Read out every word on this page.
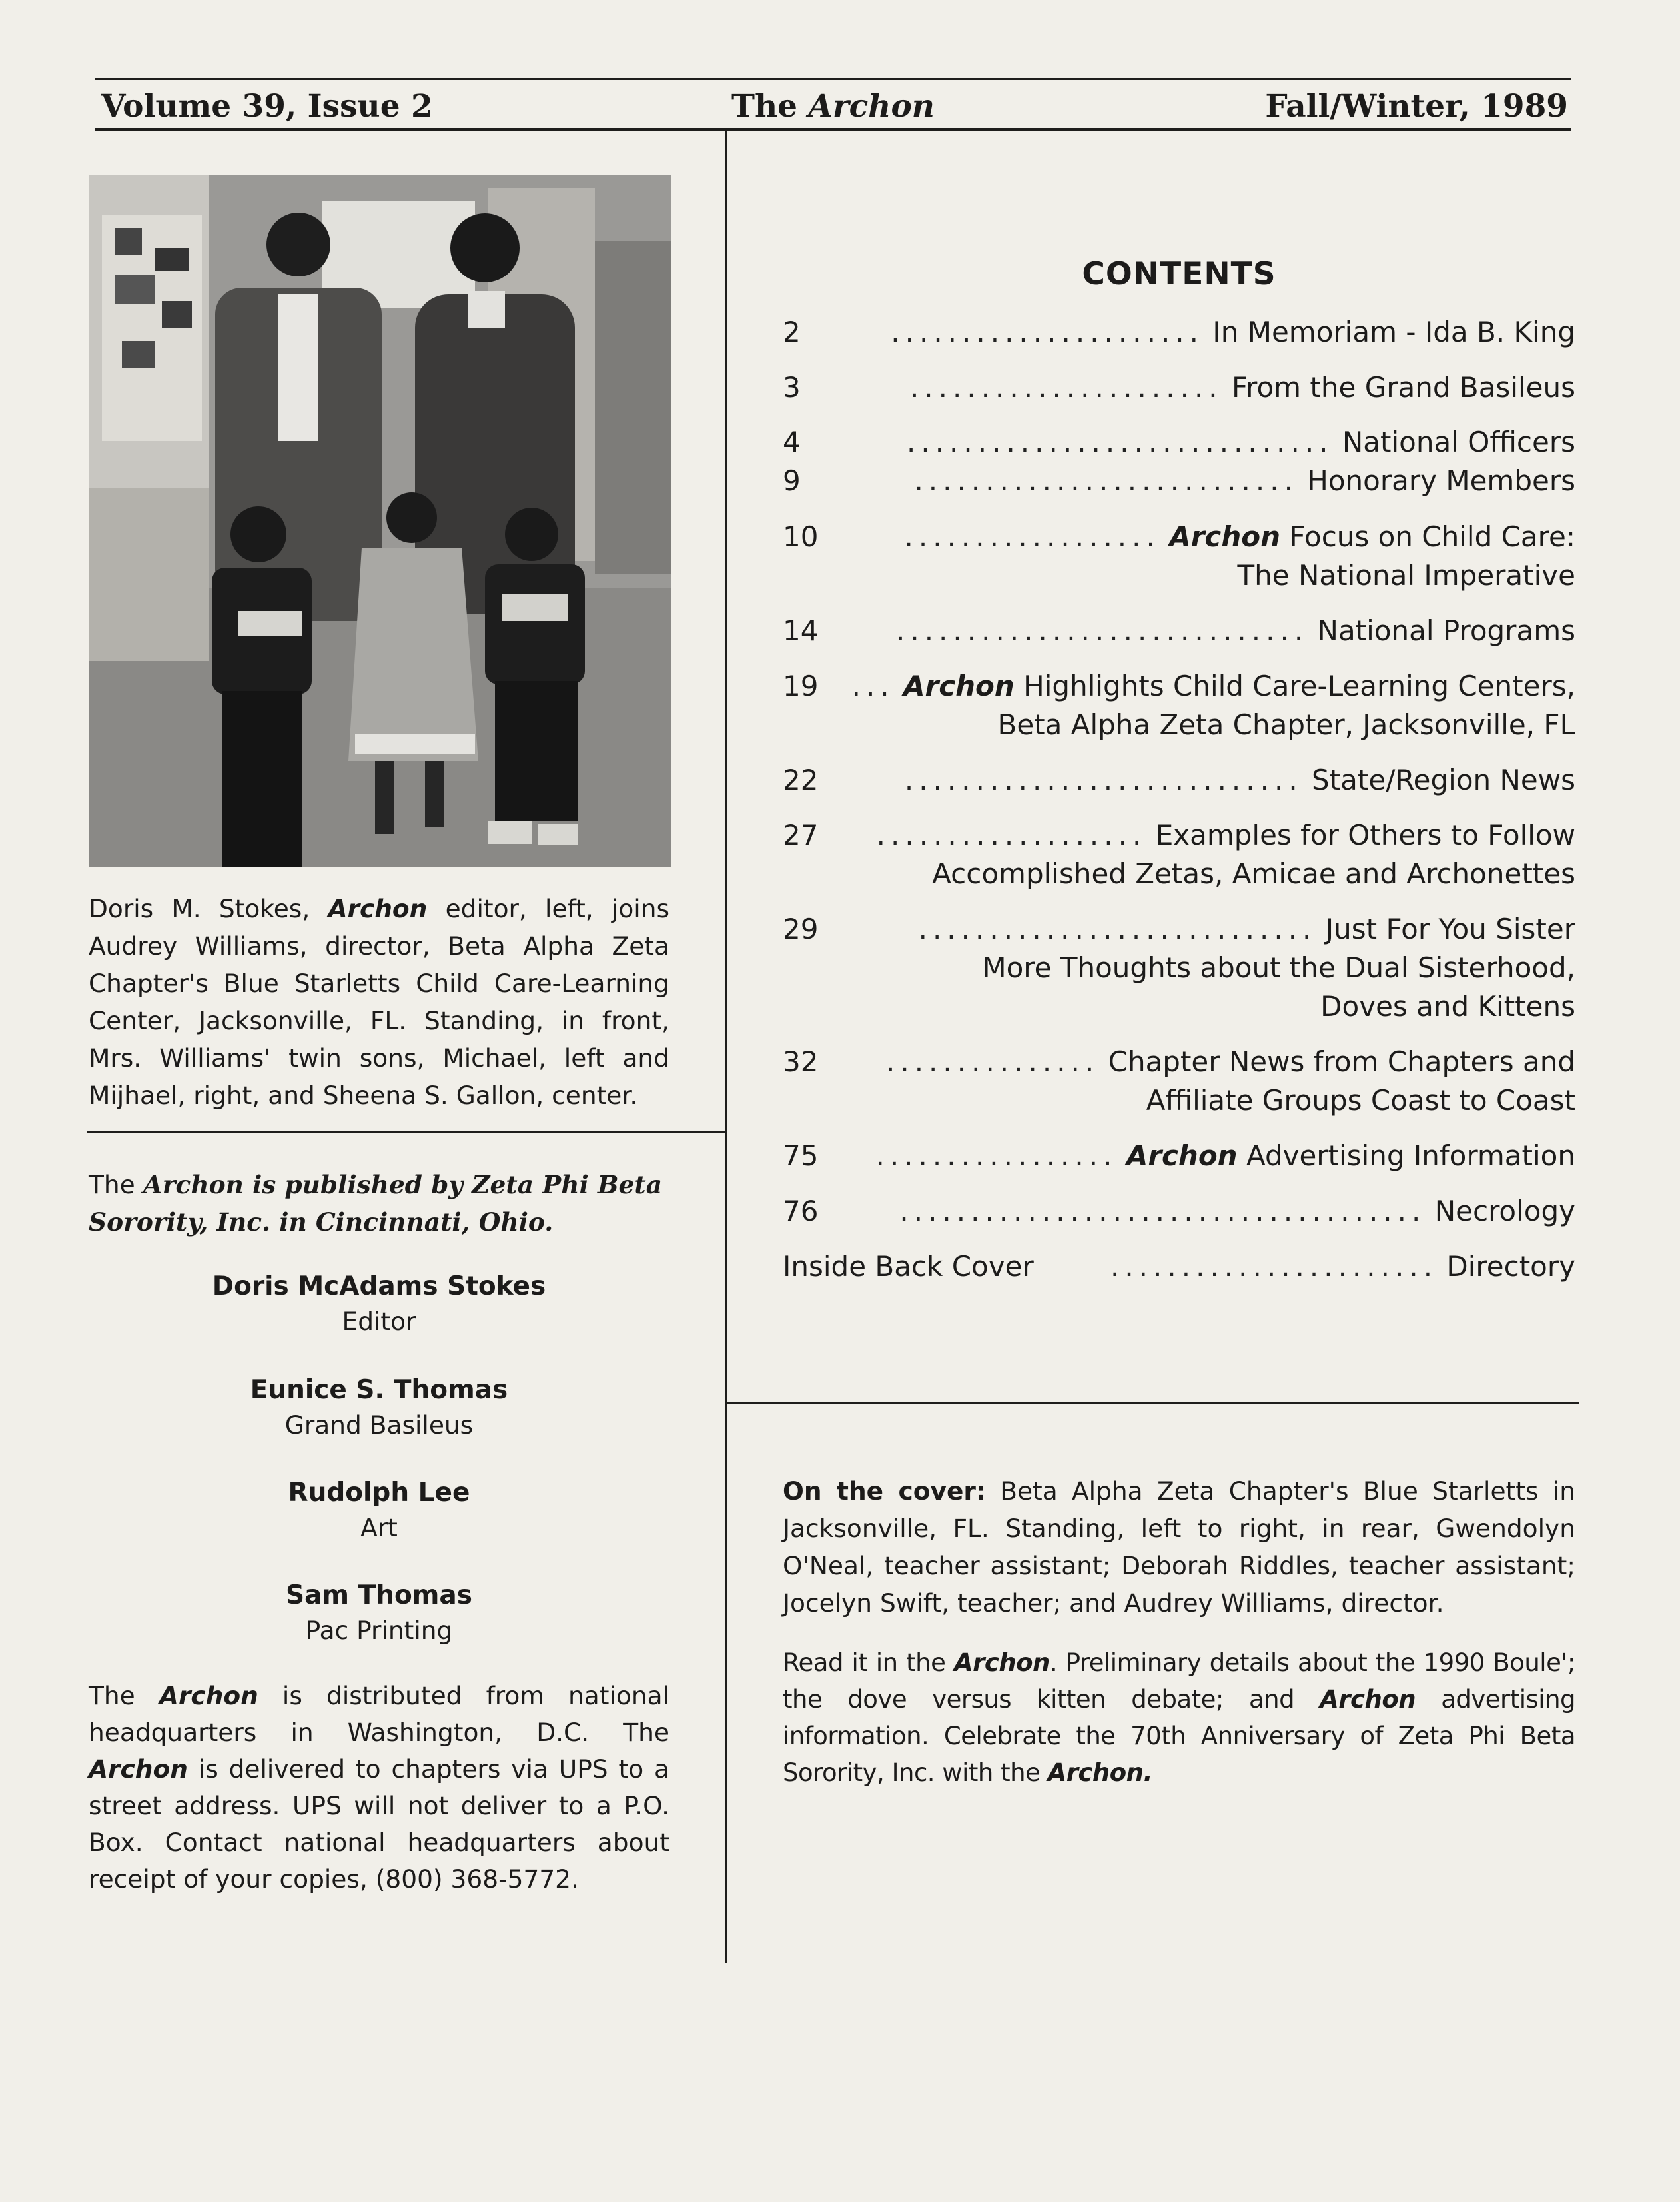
Volume 39, Issue 2	The Archon	Fall/Winter, 1989

Doris M. Stokes, Archon editor, left, joins Audrey Williams, director, Beta Alpha Zeta Chapter's Blue Starletts Child Care-Learning Center, Jacksonville, FL. Standing, in front, Mrs. Williams' twin sons, Michael, left and Mijhael, right, and Sheena S. Gallon, center.

The Archon is published by Zeta Phi Beta Sorority, Inc. in Cincinnati, Ohio.
Doris McAdams Stokes
Editor
Eunice S. Thomas
Grand Basileus
Rudolph Lee
Art
Sam Thomas
Pac Printing
The Archon is distributed from national headquarters in Washington, D.C. The Archon is delivered to chapters via UPS to a street address. UPS will not deliver to a P.O. Box. Contact national headquarters about receipt of your copies, (800) 368-5772.
CONTENTS
2	...................... In Memoriam - Ida B. King
3	...................... From the Grand Basileus
4	.............................. National Officers
9	........................... Honorary Members
10	.................. Archon Focus on Child Care:
The National Imperative
14	............................. National Programs
19 ... Archon Highlights Child Care-Learning Centers,
Beta Alpha Zeta Chapter, Jacksonville, FL
22	............................ State/Region News
27 ................... Examples for Others to Follow
Accomplished Zetas, Amicae and Archonettes
29	............................ Just For You Sister
More Thoughts about the Dual Sisterhood,
Doves and Kittens
32 ............... Chapter News from Chapters and
Affiliate Groups Coast to Coast
75 ................. Archon Advertising Information
76	..................................... Necrology
Inside Back Cover	....................... Directory
On the cover: Beta Alpha Zeta Chapter's Blue Starletts in Jacksonville, FL. Standing, left to right, in rear, Gwendolyn O'Neal, teacher assistant; Deborah Riddles, teacher assistant; Jocelyn Swift, teacher; and Audrey Williams, director.
Read it in the Archon. Preliminary details about the 1990 Boule'; the dove versus kitten debate; and Archon advertising information. Celebrate the 70th Anniversary of Zeta Phi Beta Sorority, Inc. with the Archon.
